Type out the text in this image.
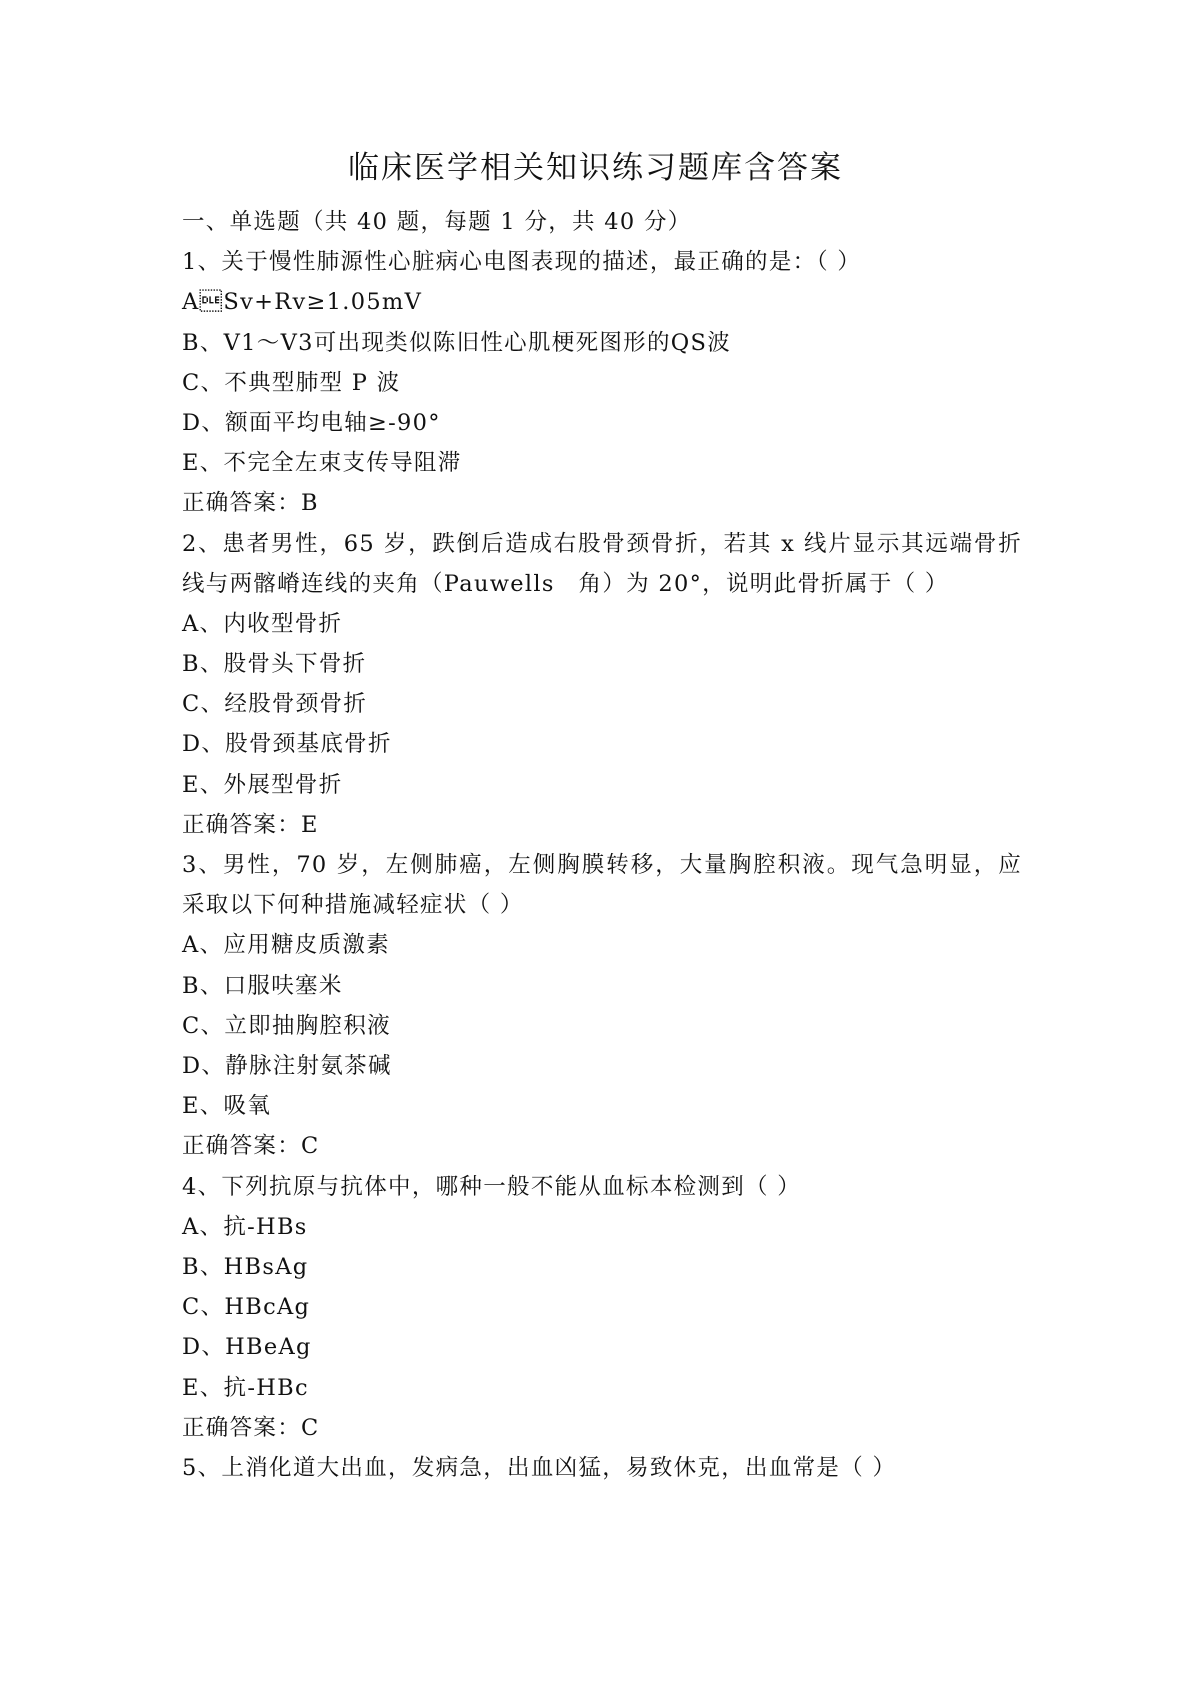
临床医学相关知识练习题库含答案
一、单选题（共 40 题，每题 1 分，共 40 分）
1、关于慢性肺源性心脏病心电图表现的描述，最正确的是：（ ）
ASv+Rv≥1.05mV
B、V1～V3可出现类似陈旧性心肌梗死图形的QS波
C、不典型肺型 P 波
D、额面平均电轴≥-90°
E、不完全左束支传导阻滞
正确答案：B
2、患者男性，65 岁，跌倒后造成右股骨颈骨折，若其 x 线片显示其远端骨折线与两髂嵴连线的夹角（Pauwells　角）为 20°，说明此骨折属于（ ）
A、内收型骨折
B、股骨头下骨折
C、经股骨颈骨折
D、股骨颈基底骨折
E、外展型骨折
正确答案：E
3、男性，70 岁，左侧肺癌，左侧胸膜转移，大量胸腔积液。现气急明显，应采取以下何种措施减轻症状（ ）
A、应用糖皮质激素
B、口服呋塞米
C、立即抽胸腔积液
D、静脉注射氨茶碱
E、吸氧
正确答案：C
4、下列抗原与抗体中，哪种一般不能从血标本检测到（ ）
A、抗-HBs
B、HBsAg
C、HBcAg
D、HBeAg
E、抗-HBc
正确答案：C
5、上消化道大出血，发病急，出血凶猛，易致休克，出血常是（ ）
